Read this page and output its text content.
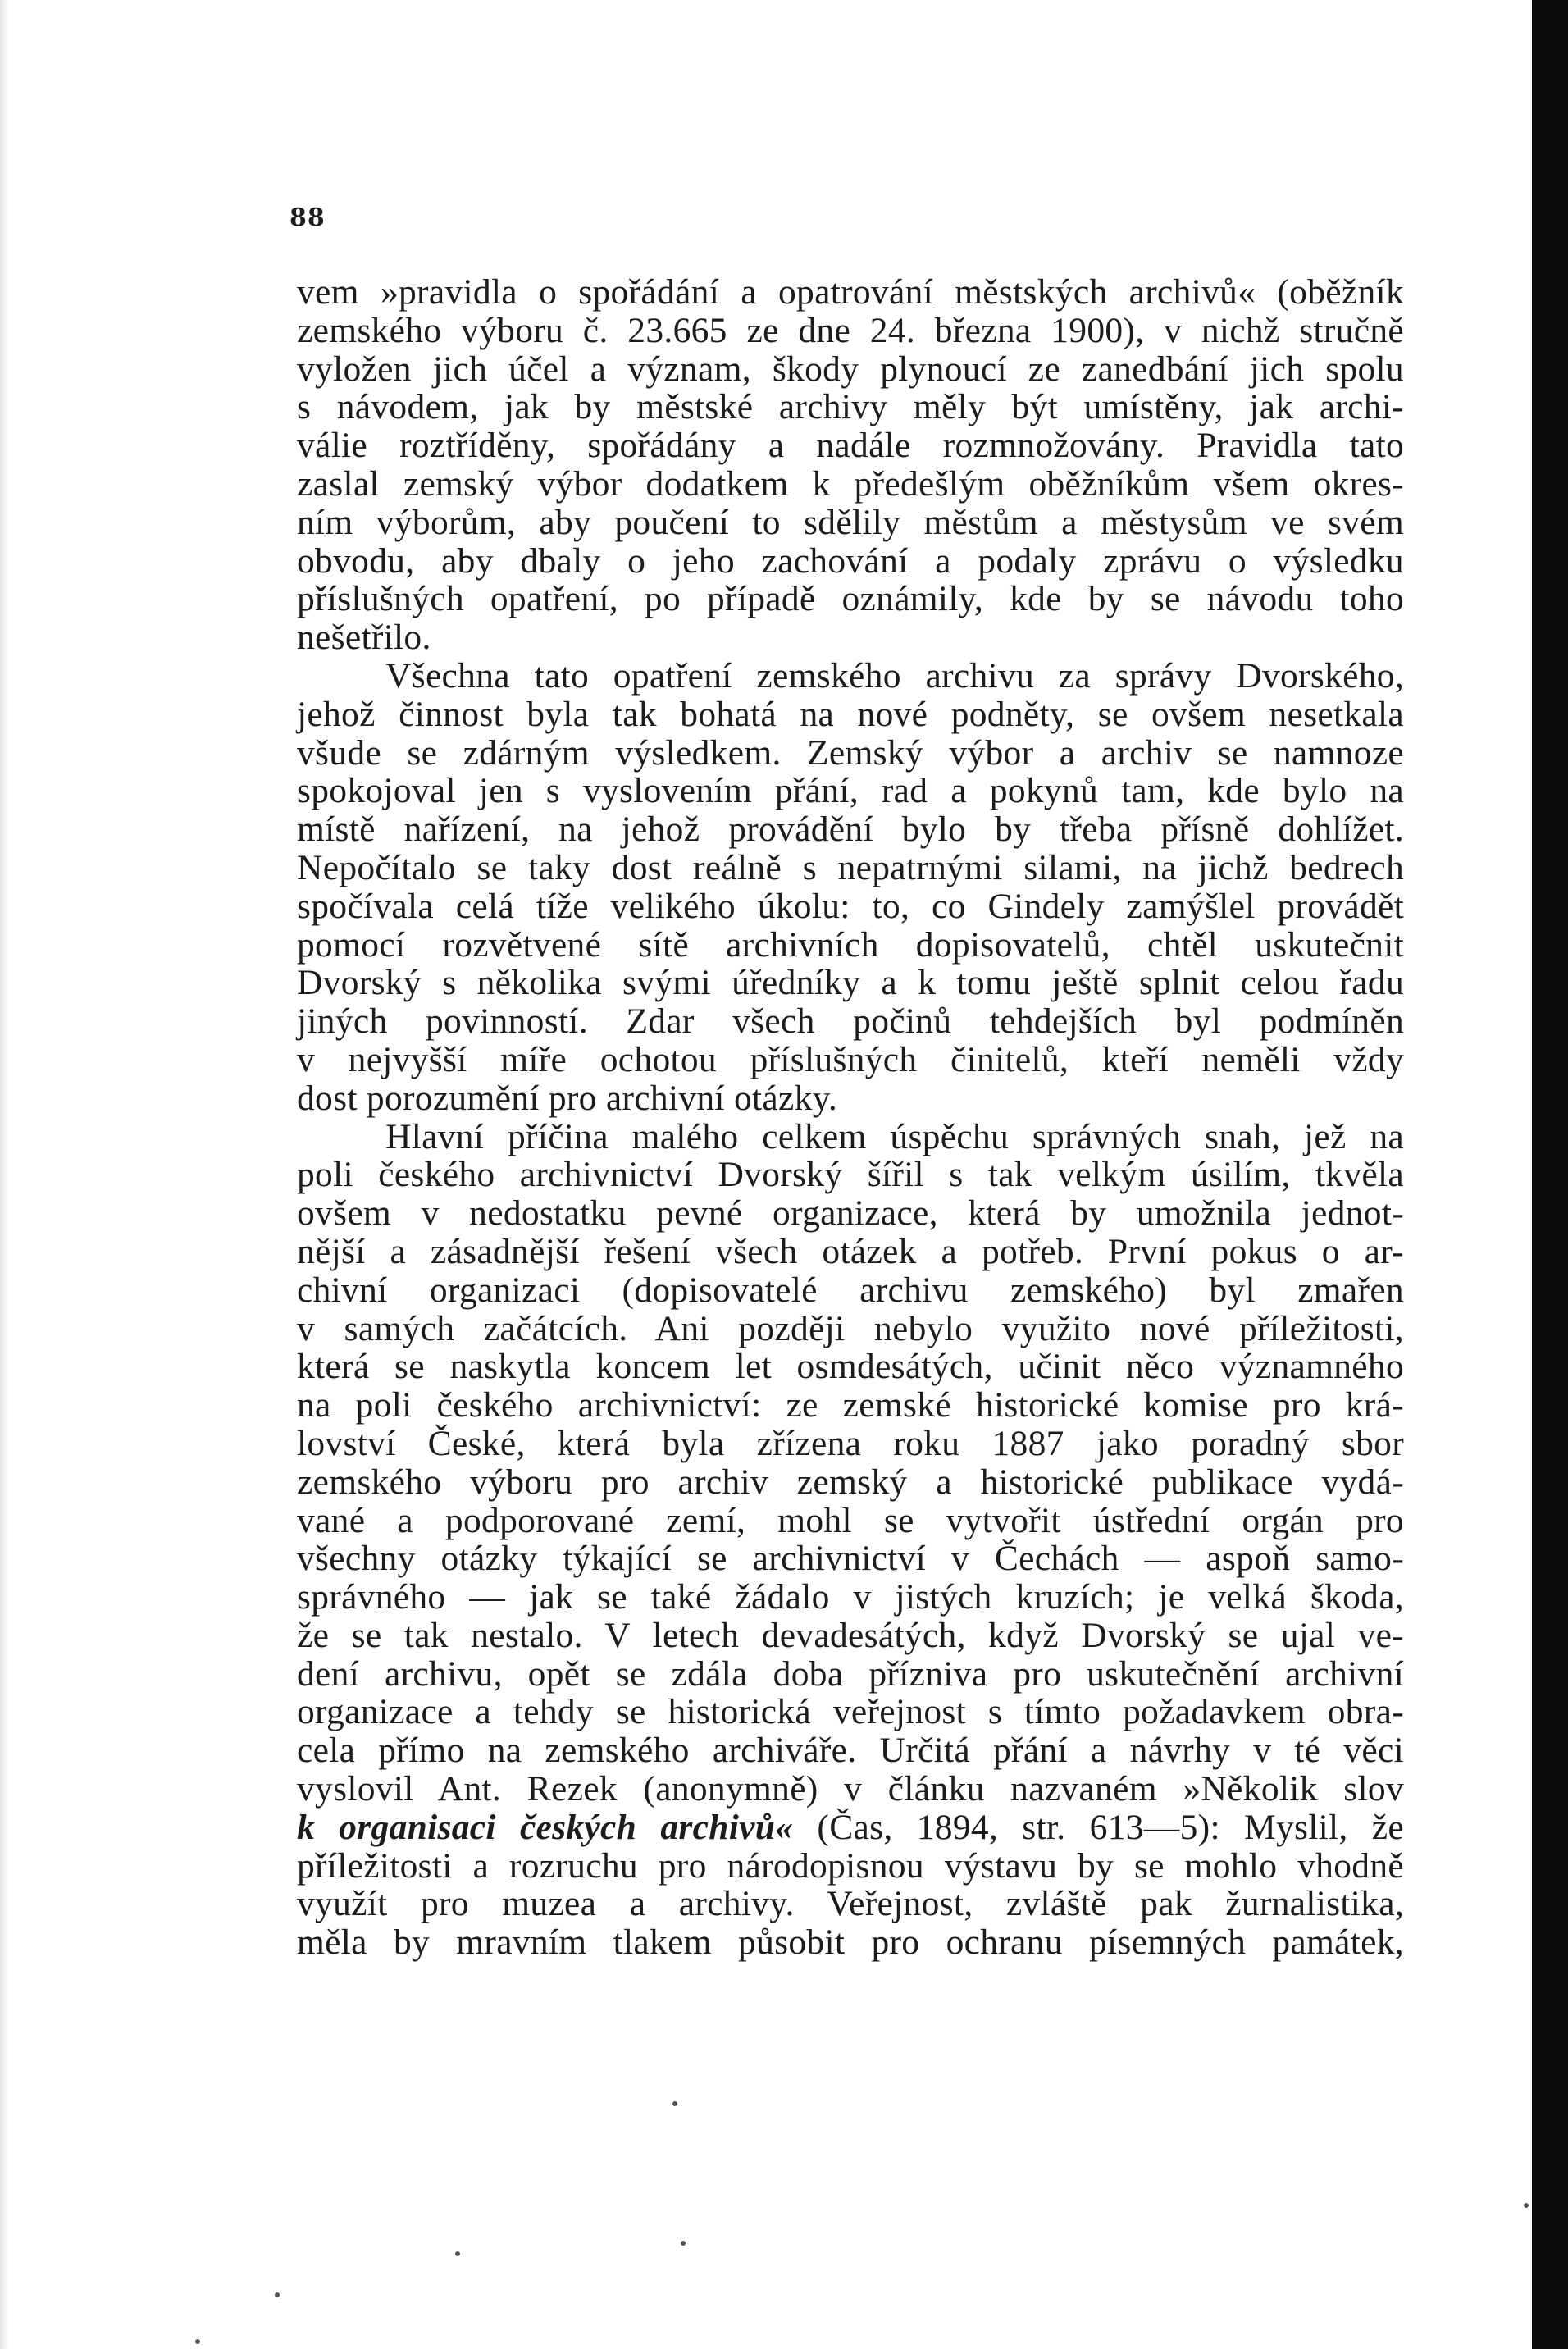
88
vem »pravidla o spořádání a opatrování městských archivů« (oběžník
zemského výboru č. 23.665 ze dne 24. března 1900), v nichž stručně
vyložen jich účel a význam, škody plynoucí ze zanedbání jich spolu
s návodem, jak by městské archivy měly být umístěny, jak archi-
válie roztříděny, spořádány a nadále rozmnožovány. Pravidla tato
zaslal zemský výbor dodatkem k předešlým oběžníkům všem okres-
ním výborům, aby poučení to sdělily městům a městysům ve svém
obvodu, aby dbaly o jeho zachování a podaly zprávu o výsledku
příslušných opatření, po případě oznámily, kde by se návodu toho
nešetřilo.
Všechna tato opatření zemského archivu za správy Dvorského,
jehož činnost byla tak bohatá na nové podněty, se ovšem nesetkala
všude se zdárným výsledkem. Zemský výbor a archiv se namnoze
spokojoval jen s vyslovením přání, rad a pokynů tam, kde bylo na
místě nařízení, na jehož provádění bylo by třeba přísně dohlížet.
Nepočítalo se taky dost reálně s nepatrnými silami, na jichž bedrech
spočívala celá tíže velikého úkolu: to, co Gindely zamýšlel provádět
pomocí rozvětvené sítě archivních dopisovatelů, chtěl uskutečnit
Dvorský s několika svými úředníky a k tomu ještě splnit celou řadu
jiných povinností. Zdar všech počinů tehdejších byl podmíněn
v nejvyšší míře ochotou příslušných činitelů, kteří neměli vždy
dost porozumění pro archivní otázky.
Hlavní příčina malého celkem úspěchu správných snah, jež na
poli českého archivnictví Dvorský šířil s tak velkým úsilím, tkvěla
ovšem v nedostatku pevné organizace, která by umožnila jednot-
nější a zásadnější řešení všech otázek a potřeb. První pokus o ar-
chivní organizaci (dopisovatelé archivu zemského) byl zmařen
v samých začátcích. Ani později nebylo využito nové příležitosti,
která se naskytla koncem let osmdesátých, učinit něco významného
na poli českého archivnictví: ze zemské historické komise pro krá-
lovství České, která byla zřízena roku 1887 jako poradný sbor
zemského výboru pro archiv zemský a historické publikace vydá-
vané a podporované zemí, mohl se vytvořit ústřední orgán pro
všechny otázky týkající se archivnictví v Čechách — aspoň samo-
správného — jak se také žádalo v jistých kruzích; je velká škoda,
že se tak nestalo. V letech devadesátých, když Dvorský se ujal ve-
dení archivu, opět se zdála doba přízniva pro uskutečnění archivní
organizace a tehdy se historická veřejnost s tímto požadavkem obra-
cela přímo na zemského archiváře. Určitá přání a návrhy v té věci
vyslovil Ant. Rezek (anonymně) v článku nazvaném »Několik slov
k organisaci českých archivů« (Čas, 1894, str. 613—5): Myslil, že
příležitosti a rozruchu pro národopisnou výstavu by se mohlo vhodně
využít pro muzea a archivy. Veřejnost, zvláště pak žurnalistika,
měla by mravním tlakem působit pro ochranu písemných památek,
